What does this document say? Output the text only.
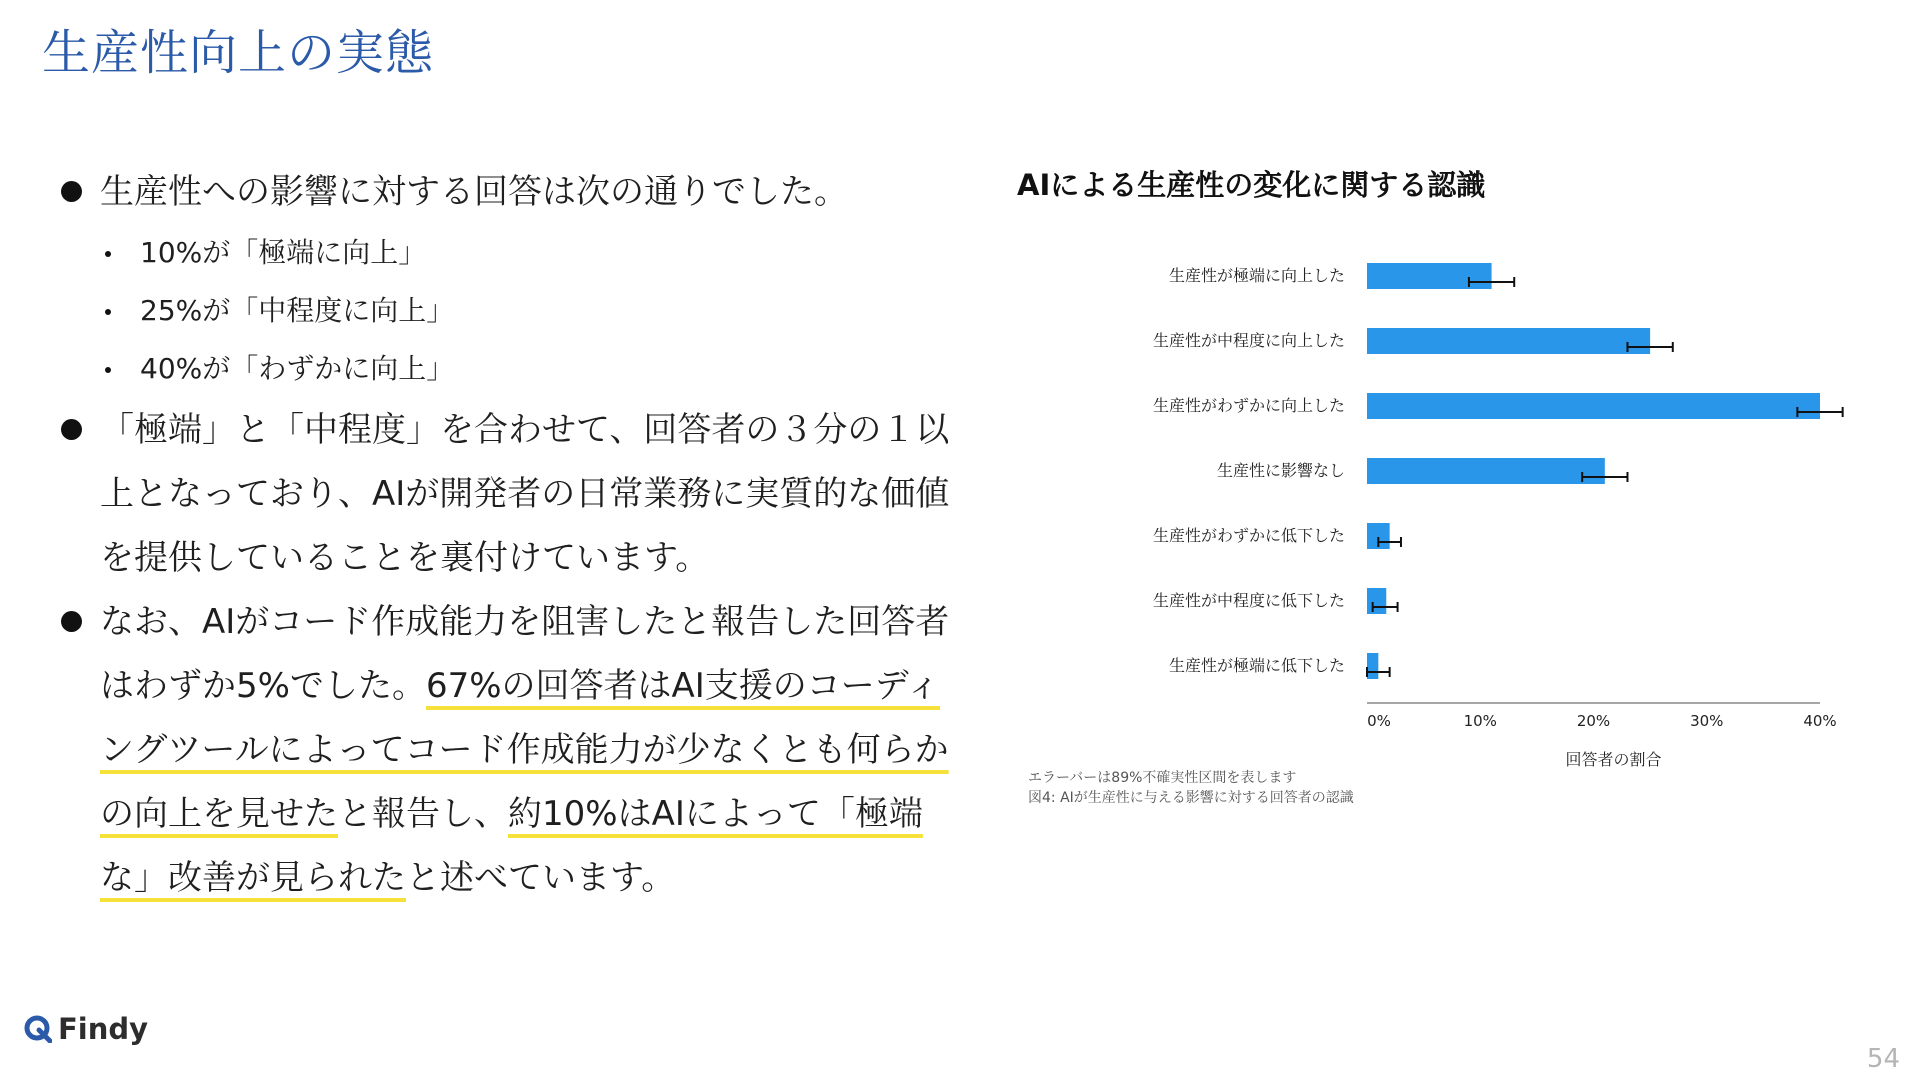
生産性向上の実態
生産性への影響に対する回答は次の通りでした。
10%が「極端に向上」
25%が「中程度に向上」
40%が「わずかに向上」
「極端」と「中程度」を合わせて、回答者の３分の１以上となっており、AIが開発者の日常業務に実質的な価値を提供していることを裏付けています。
なお、AIがコード作成能力を阻害したと報告した回答者はわずか5%でした。67%の回答者はAI支援のコーディングツールによってコード作成能力が少なくとも何らかの向上を見せたと報告し、約10%はAIによって「極端な」改善が見られたと述べています。
AIによる生産性の変化に関する認識
生産性が極端に向上した
生産性が中程度に向上した
生産性がわずかに向上した
生産性に影響なし
生産性がわずかに低下した
生産性が中程度に低下した
生産性が極端に低下した
0%	10%	20%	30%	40%
回答者の割合
エラーバーは89%不確実性区間を表します
図4: AIが生産性に与える影響に対する回答者の認識
Findy
54
